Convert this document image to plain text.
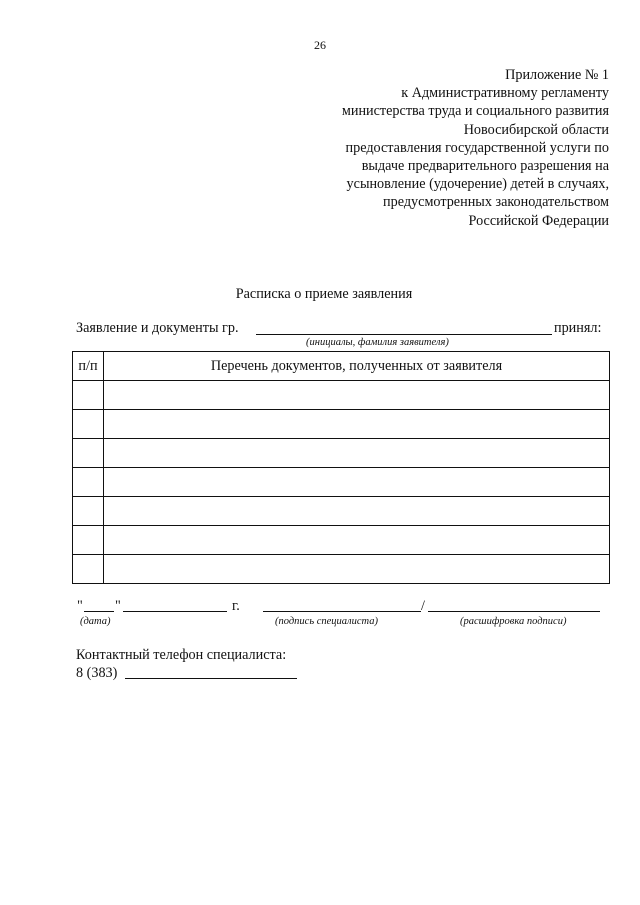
26
Приложение № 1
к Административному регламенту
министерства труда и социального развития
Новосибирской области
предоставления государственной услуги по
выдаче предварительного разрешения на
усыновление (удочерение) детей в случаях,
предусмотренных законодательством
Российской Федерации
Расписка о приеме заявления
Заявление и документы гр.	принял:
(инициалы, фамилия заявителя)
п/п	Перечень документов, полученных от заявителя

" "	г.	/
(дата)	(подпись специалиста)	(расшифровка подписи)
Контактный телефон специалиста:
8 (383)
